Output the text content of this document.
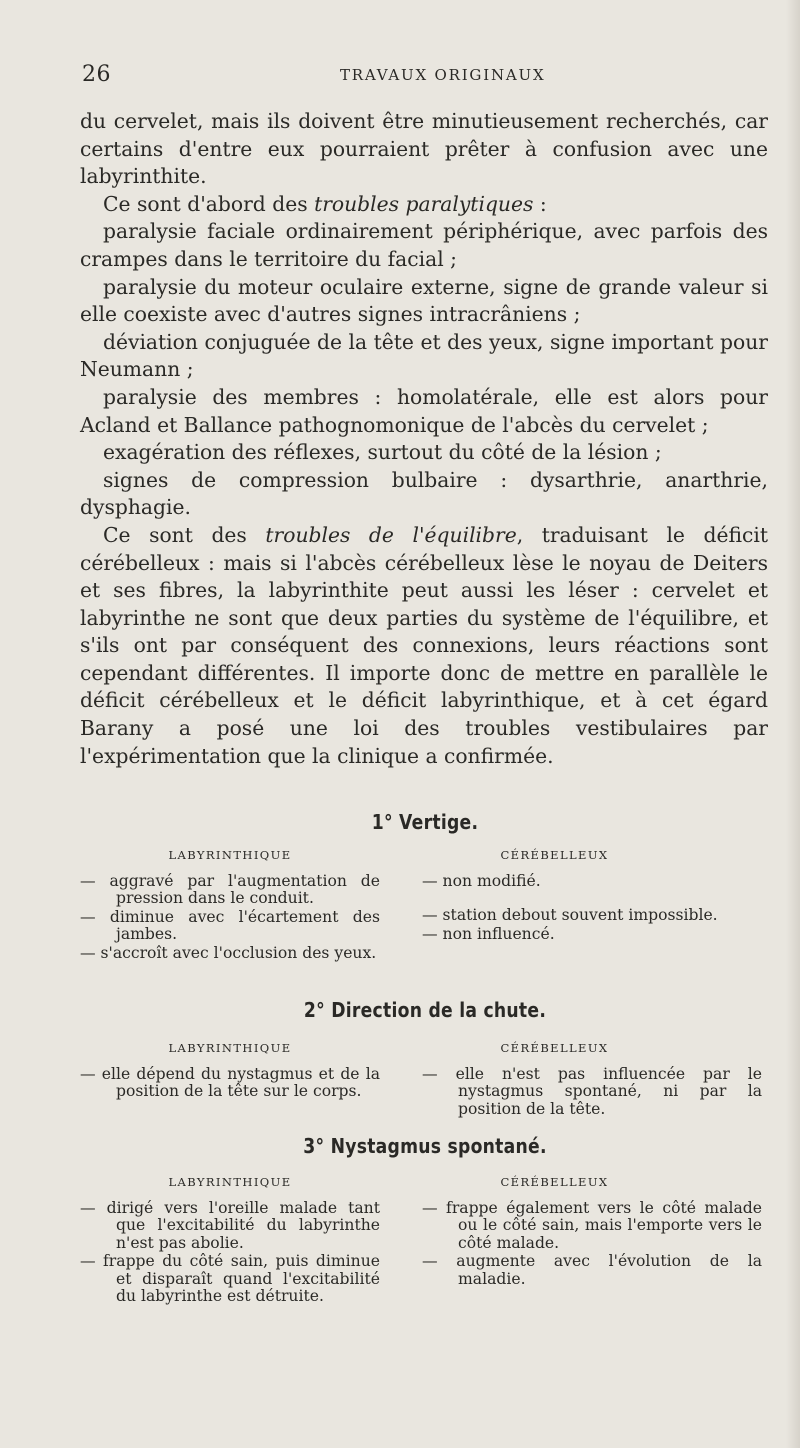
26	TRAVAUX ORIGINAUX

du cervelet, mais ils doivent être minutieusement recherchés, car certains d'entre eux pourraient prêter à confusion avec une labyrinthite.

Ce sont d'abord des troubles paralytiques :

paralysie faciale ordinairement périphérique, avec parfois des crampes dans le territoire du facial ;

paralysie du moteur oculaire externe, signe de grande valeur si elle coexiste avec d'autres signes intracrâniens ;

déviation conjuguée de la tête et des yeux, signe important pour Neumann ;

paralysie des membres : homolatérale, elle est alors pour Acland et Ballance pathognomonique de l'abcès du cervelet ;

exagération des réflexes, surtout du côté de la lésion ;

signes de compression bulbaire : dysarthrie, anarthrie, dysphagie.

Ce sont des troubles de l'équilibre, traduisant le déficit cérébelleux : mais si l'abcès cérébelleux lèse le noyau de Deiters et ses fibres, la labyrinthite peut aussi les léser : cervelet et labyrinthe ne sont que deux parties du système de l'équilibre, et s'ils ont par conséquent des connexions, leurs réactions sont cependant différentes. Il importe donc de mettre en parallèle le déficit cérébelleux et le déficit labyrinthique, et à cet égard Barany a posé une loi des troubles vestibulaires par l'expérimentation que la clinique a confirmée.

1° Vertige.
LABYRINTHIQUE
— aggravé par l'augmentation de pression dans le conduit.
— diminue avec l'écartement des jambes.
— s'accroît avec l'occlusion des yeux.
CÉRÉBELLEUX
— non modifié.
— station debout souvent impossible.
— non influencé.
2° Direction de la chute.
LABYRINTHIQUE
— elle dépend du nystagmus et de la position de la tête sur le corps.
CÉRÉBELLEUX
— elle n'est pas influencée par le nystagmus spontané, ni par la position de la tête.
3° Nystagmus spontané.
LABYRINTHIQUE
— dirigé vers l'oreille malade tant que l'excitabilité du labyrinthe n'est pas abolie.
— frappe du côté sain, puis diminue et disparaît quand l'excitabilité du labyrinthe est détruite.
CÉRÉBELLEUX
— frappe également vers le côté malade ou le côté sain, mais l'emporte vers le côté malade.
— augmente avec l'évolution de la maladie.
